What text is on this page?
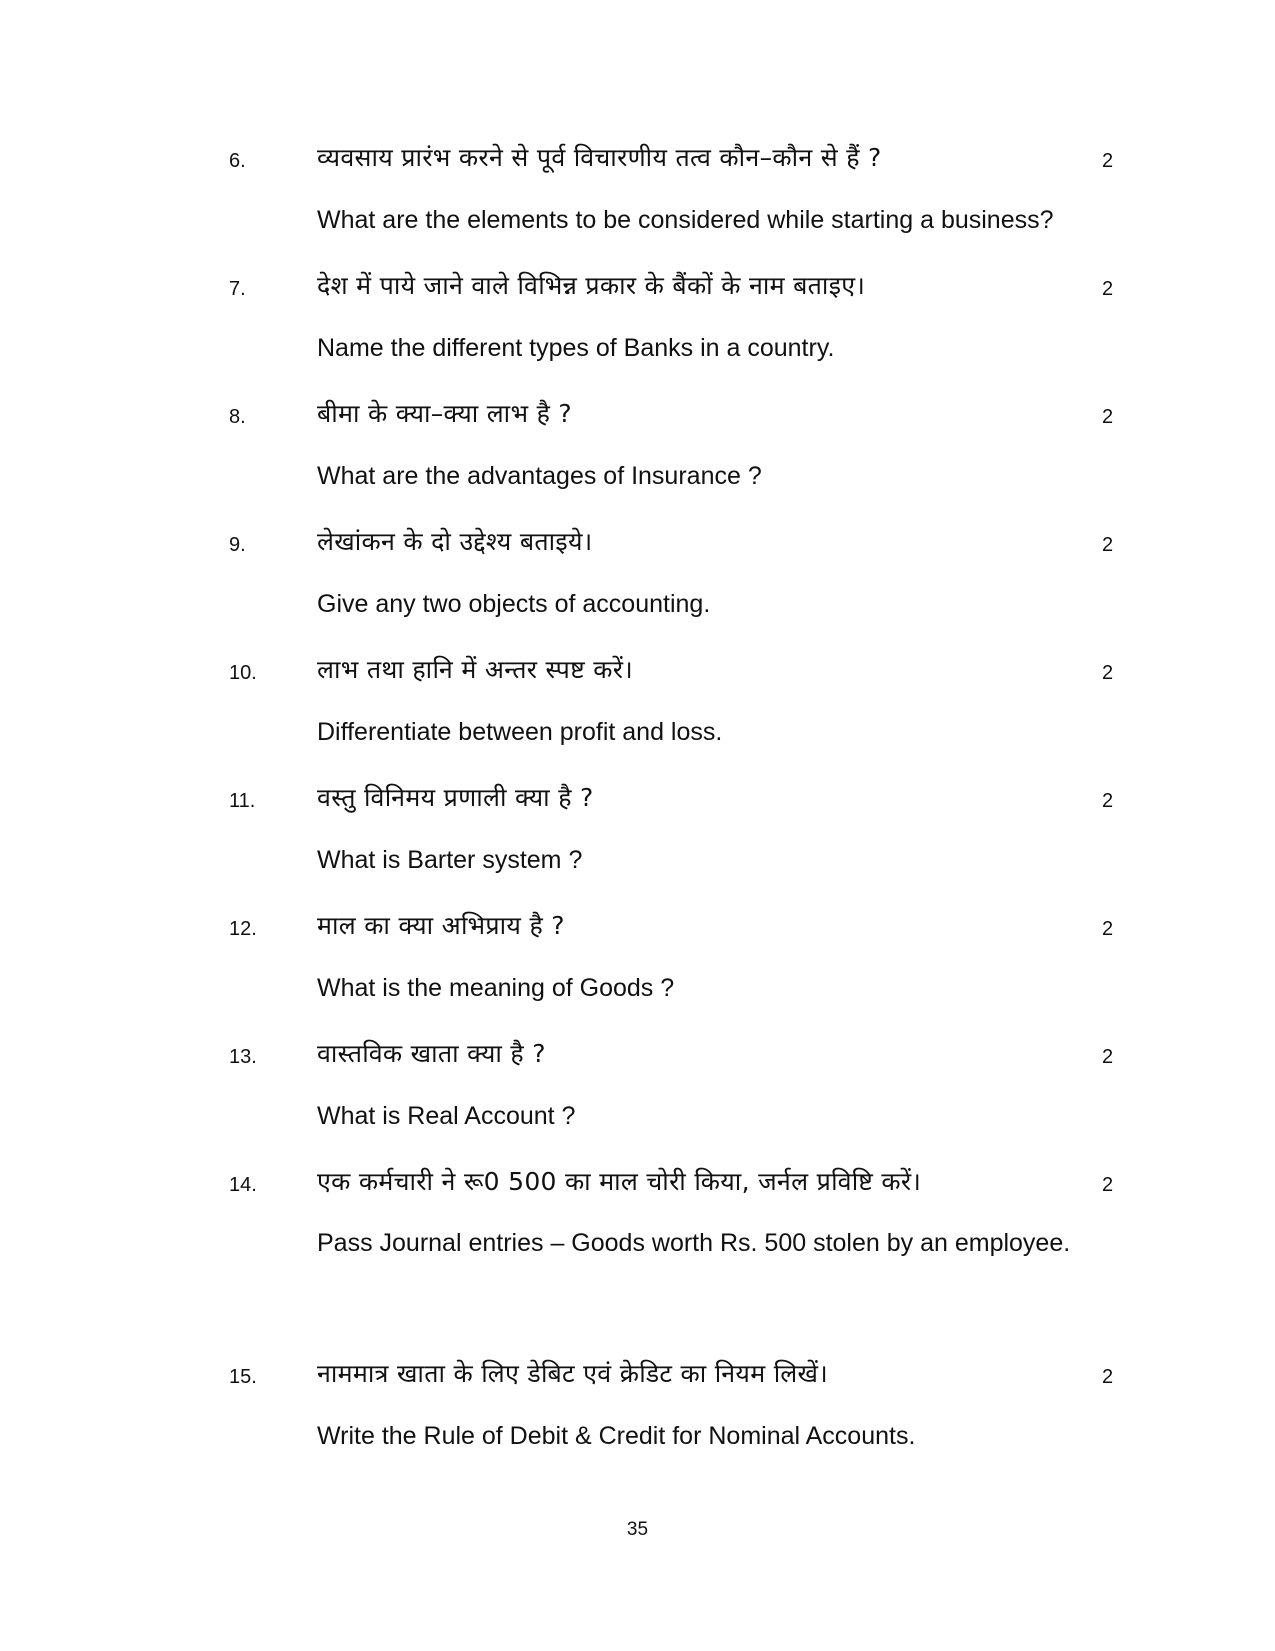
6.	व्यवसाय प्रारंभ करने से पूर्व विचारणीय तत्व कौन–कौन से हैं ?	2
What are the elements to be considered while starting a business?
7.	देश में पाये जाने वाले विभिन्न प्रकार के बैंकों के नाम बताइए।	2
Name the different types of Banks in a country.
8.	बीमा के क्या–क्या लाभ है ?	2
What are the advantages of Insurance ?
9.	लेखांकन के दो उद्देश्य बताइये।	2
Give any two objects of accounting.
10. लाभ तथा हानि में अन्तर स्पष्ट करें।	2
Differentiate between profit and loss.
11. वस्तु विनिमय प्रणाली क्या है ?	2
What is Barter system ?
12. माल का क्या अभिप्राय है ?	2
What is the meaning of Goods ?
13. वास्तविक खाता क्या है ?	2
What is Real Account ?
14. एक कर्मचारी ने रू0 500 का माल चोरी किया, जर्नल प्रविष्टि करें।	2
Pass Journal entries – Goods worth Rs. 500 stolen by an employee.
15. नाममात्र खाता के लिए डेबिट एवं क्रेडिट का नियम लिखें।	2
Write the Rule of Debit & Credit for Nominal Accounts.
35
